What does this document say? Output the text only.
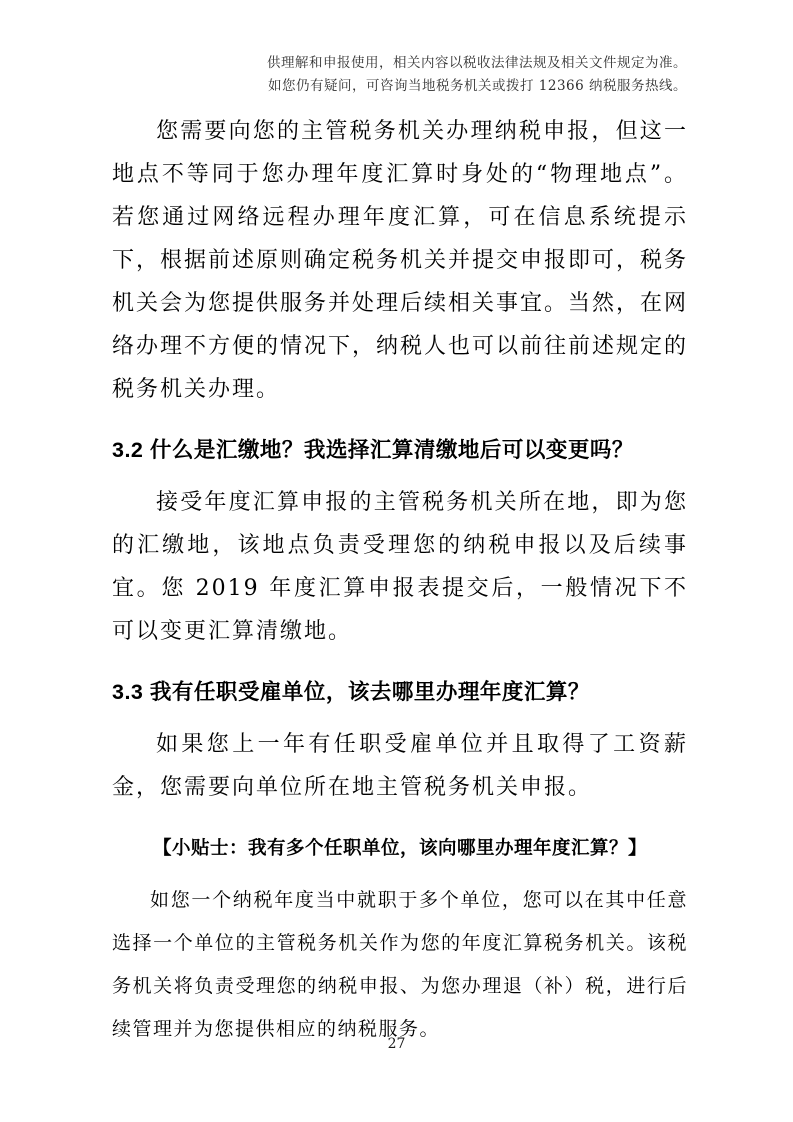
供理解和申报使用，相关内容以税收法律法规及相关文件规定为准。
如您仍有疑问，可咨询当地税务机关或拨打 12366 纳税服务热线。

您需要向您的主管税务机关办理纳税申报，但这一地点不等同于您办理年度汇算时身处的“物理地点”。若您通过网络远程办理年度汇算，可在信息系统提示下，根据前述原则确定税务机关并提交申报即可，税务机关会为您提供服务并处理后续相关事宜。当然，在网络办理不方便的情况下，纳税人也可以前往前述规定的税务机关办理。

3.2 什么是汇缴地？我选择汇算清缴地后可以变更吗？

接受年度汇算申报的主管税务机关所在地，即为您的汇缴地，该地点负责受理您的纳税申报以及后续事宜。您 2019 年度汇算申报表提交后，一般情况下不可以变更汇算清缴地。

3.3 我有任职受雇单位，该去哪里办理年度汇算？

如果您上一年有任职受雇单位并且取得了工资薪金，您需要向单位所在地主管税务机关申报。

【小贴士：我有多个任职单位，该向哪里办理年度汇算？】

如您一个纳税年度当中就职于多个单位，您可以在其中任意选择一个单位的主管税务机关作为您的年度汇算税务机关。该税务机关将负责受理您的纳税申报、为您办理退（补）税，进行后续管理并为您提供相应的纳税服务。

27
